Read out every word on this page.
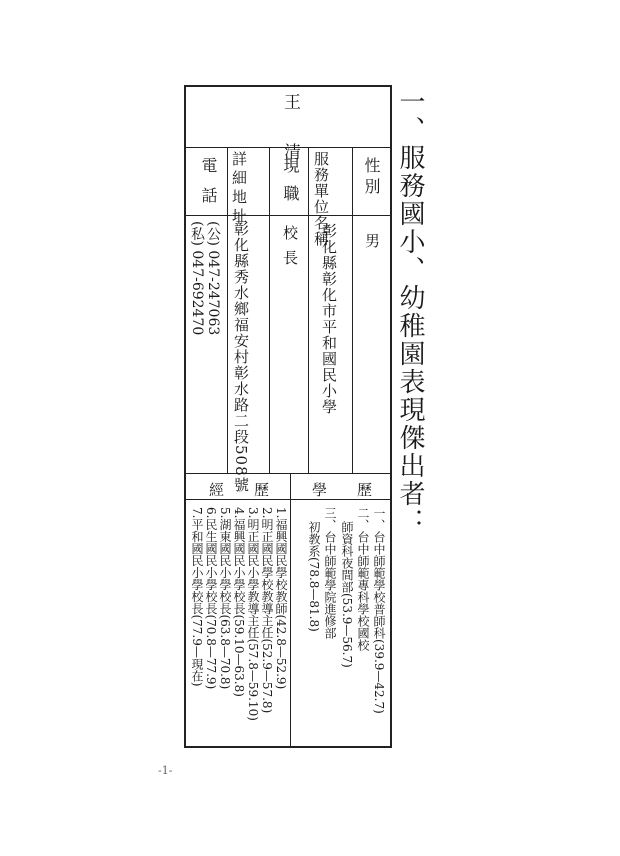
一、服務國小、幼稚園表現傑出者：
王　清
性別
男
服務單位名稱
彰化縣彰化市平和國民小學
現職
校長
詳細地址
彰化縣秀水鄉福安村彰水路二段508號
電話
(公) 047-247063
(私) 047-692470
學　　歷
經　　歷
一、台中師範學校普師科(39.9—42.7)
二、台中師範專科學校國校
師資科夜間部(53.9—56.7)
三、台中師範學院進修部
初教系(78.8—81.8)
1.福興國民學校教師(42.8—52.9)
2.明正國民學校教導主任(52.9—57.8)
3.明正國民小學教導主任(57.8—59.10)
4.福興國民小學校長(59.10—63.8)
5.湖東國民小學校長(63.8—70.8)
6.民生國民小學校長(70.8—77.9)
7.平和國民小學校長(77.9—現在)
-1-
